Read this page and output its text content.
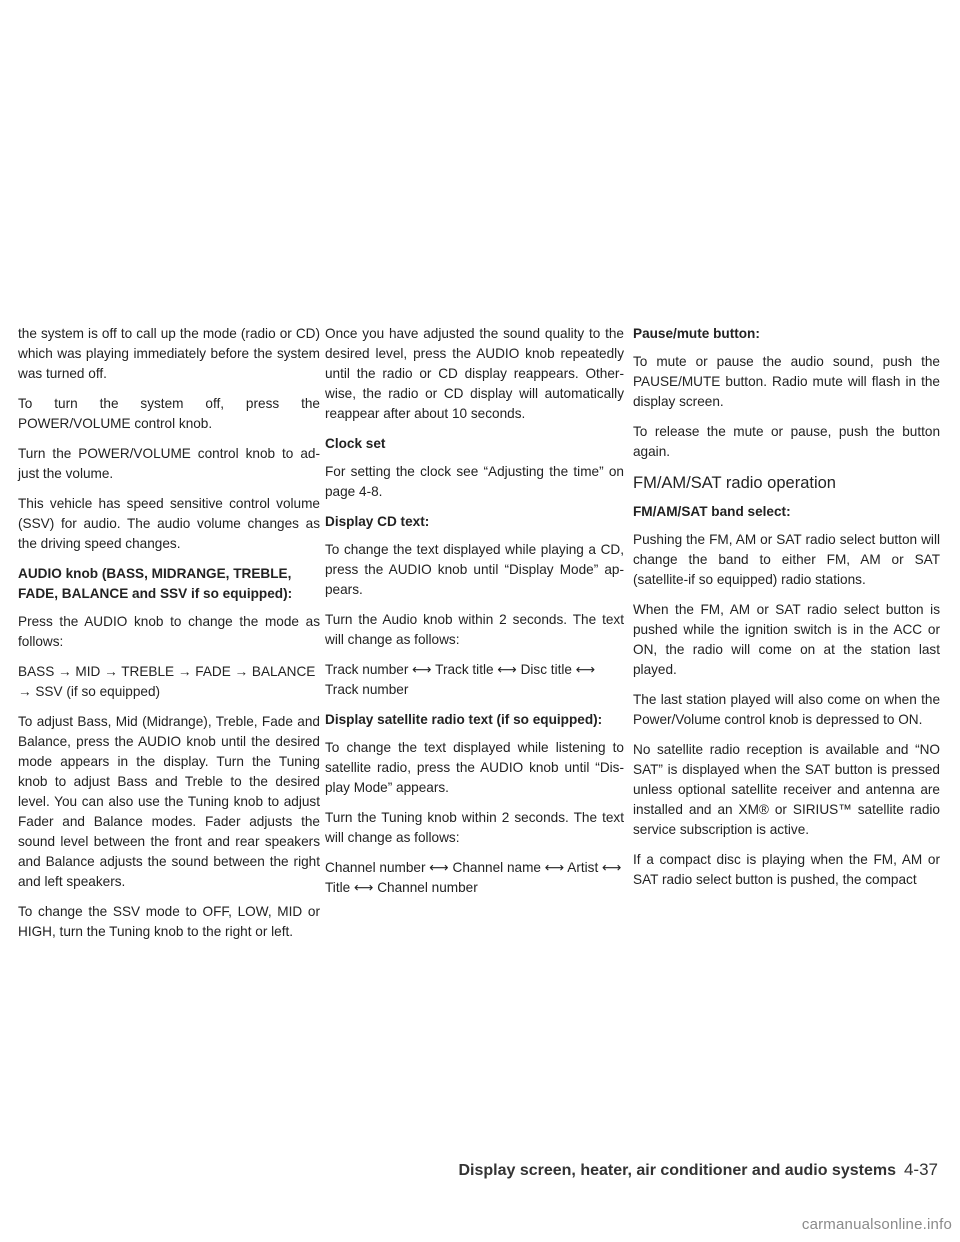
the system is off to call up the mode (radio or CD) which was playing immediately before the system was turned off.

To turn the system off, press the POWER/VOLUME control knob.

Turn the POWER/VOLUME control knob to ad-just the volume.

This vehicle has speed sensitive control volume (SSV) for audio. The audio volume changes as the driving speed changes.

AUDIO knob (BASS, MIDRANGE, TREBLE, FADE, BALANCE and SSV if so equipped):

Press the AUDIO knob to change the mode as follows:

BASS → MID → TREBLE → FADE → BALANCE → SSV (if so equipped)

To adjust Bass, Mid (Midrange), Treble, Fade and Balance, press the AUDIO knob until the desired mode appears in the display. Turn the Tuning knob to adjust Bass and Treble to the desired level. You can also use the Tuning knob to adjust Fader and Balance modes. Fader adjusts the sound level between the front and rear speakers and Balance adjusts the sound between the right and left speakers.

To change the SSV mode to OFF, LOW, MID or HIGH, turn the Tuning knob to the right or left.

Once you have adjusted the sound quality to the desired level, press the AUDIO knob repeatedly until the radio or CD display reappears. Other-wise, the radio or CD display will automatically reappear after about 10 seconds.

Clock set

For setting the clock see “Adjusting the time” on page 4-8.

Display CD text:

To change the text displayed while playing a CD, press the AUDIO knob until “Display Mode” ap-pears.

Turn the Audio knob within 2 seconds. The text will change as follows:

Track number ⟷ Track title ⟷ Disc title ⟷ Track number

Display satellite radio text (if so equipped):

To change the text displayed while listening to satellite radio, press the AUDIO knob until “Dis-play Mode” appears.

Turn the Tuning knob within 2 seconds. The text will change as follows:

Channel number ⟷ Channel name ⟷ Artist ⟷ Title ⟷ Channel number

Pause/mute button:

To mute or pause the audio sound, push the PAUSE/MUTE button. Radio mute will flash in the display screen.

To release the mute or pause, push the button again.

FM/AM/SAT radio operation

FM/AM/SAT band select:

Pushing the FM, AM or SAT radio select button will change the band to either FM, AM or SAT (satellite-if so equipped) radio stations.

When the FM, AM or SAT radio select button is pushed while the ignition switch is in the ACC or ON, the radio will come on at the station last played.

The last station played will also come on when the Power/Volume control knob is depressed to ON.

No satellite radio reception is available and “NO SAT” is displayed when the SAT button is pressed unless optional satellite receiver and antenna are installed and an XM® or SIRIUS™ satellite radio service subscription is active.

If a compact disc is playing when the FM, AM or SAT radio select button is pushed, the compact

Display screen, heater, air conditioner and audio systems 4-37
carmanualsonline.info
